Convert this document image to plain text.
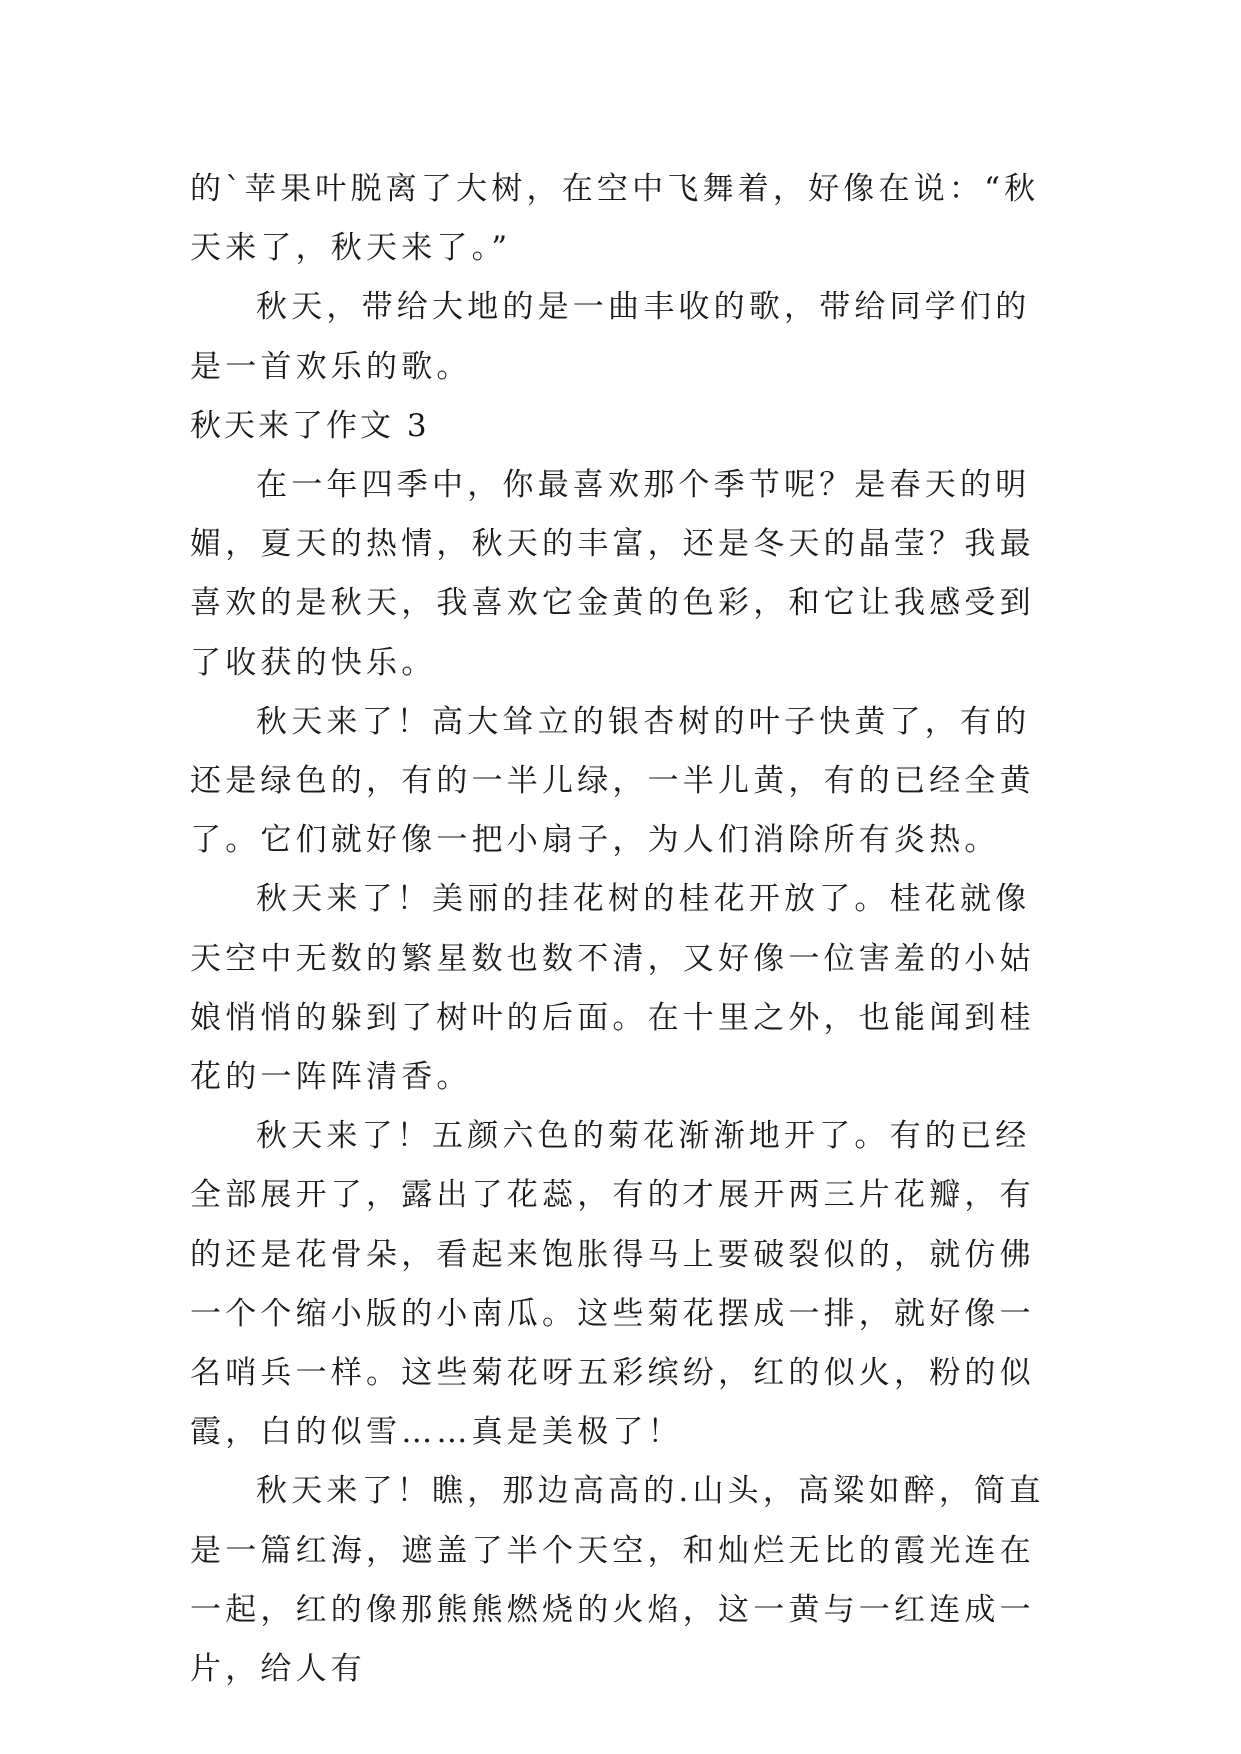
的`苹果叶脱离了大树，在空中飞舞着，好像在说：“秋天来了，秋天来了。”

秋天，带给大地的是一曲丰收的歌，带给同学们的是一首欢乐的歌。

秋天来了作文 3

在一年四季中，你最喜欢那个季节呢？是春天的明媚，夏天的热情，秋天的丰富，还是冬天的晶莹？我最喜欢的是秋天，我喜欢它金黄的色彩，和它让我感受到了收获的快乐。

秋天来了！高大耸立的银杏树的叶子快黄了，有的还是绿色的，有的一半儿绿，一半儿黄，有的已经全黄了。它们就好像一把小扇子，为人们消除所有炎热。

秋天来了！美丽的挂花树的桂花开放了。桂花就像天空中无数的繁星数也数不清，又好像一位害羞的小姑娘悄悄的躲到了树叶的后面。在十里之外，也能闻到桂花的一阵阵清香。

秋天来了！五颜六色的菊花渐渐地开了。有的已经全部展开了，露出了花蕊，有的才展开两三片花瓣，有的还是花骨朵，看起来饱胀得马上要破裂似的，就仿佛一个个缩小版的小南瓜。这些菊花摆成一排，就好像一名哨兵一样。这些菊花呀五彩缤纷，红的似火，粉的似霞，白的似雪……真是美极了！

秋天来了！瞧，那边高高的.山头，高粱如醉，简直是一篇红海，遮盖了半个天空，和灿烂无比的霞光连在一起，红的像那熊熊燃烧的火焰，这一黄与一红连成一片，给人有
